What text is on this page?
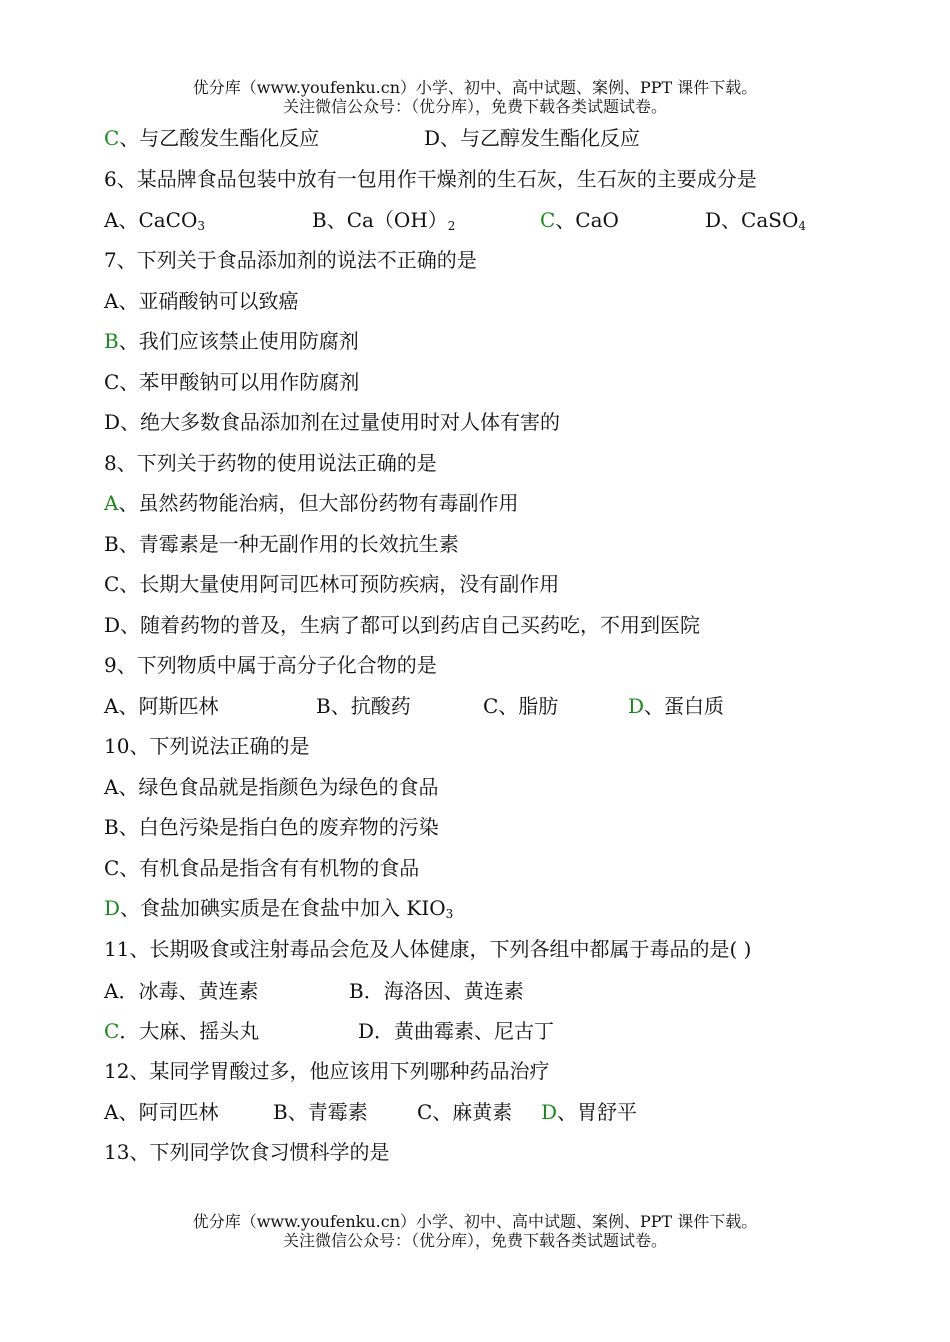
优分库（www.youfenku.cn）小学、初中、高中试题、案例、PPT 课件下载。
关注微信公众号：（优分库），免费下载各类试题试卷。
C、与乙酸发生酯化反应	D、与乙醇发生酯化反应
6、某品牌食品包装中放有一包用作干燥剂的生石灰，生石灰的主要成分是
A、CaCO$_3$	B、$Ca(OH)_2$	C、CaO	D、CaSO$_4$
7、下列关于食品添加剂的说法不正确的是
A、亚硝酸钠可以致癌
B、我们应该禁止使用防腐剂
C、苯甲酸钠可以用作防腐剂
D、绝大多数食品添加剂在过量使用时对人体有害的
8、下列关于药物的使用说法正确的是
A、虽然药物能治病，但大部份药物有毒副作用
B、青霉素是一种无副作用的长效抗生素
C、长期大量使用阿司匹林可预防疾病，没有副作用
D、随着药物的普及，生病了都可以到药店自己买药吃，不用到医院
9、下列物质中属于高分子化合物的是
A、阿斯匹林	B、抗酸药	C、脂肪	D、蛋白质
10、下列说法正确的是
A、绿色食品就是指颜色为绿色的食品
B、白色污染是指白色的废弃物的污染
C、有机食品是指含有有机物的食品
D、食盐加碘实质是在食盐中加入 $KIO_3$
11、长期吸食或注射毒品会危及人体健康，下列各组中都属于毒品的是( )
A．冰毒、黄连素	B．海洛因、黄连素
C．大麻、摇头丸	D．黄曲霉素、尼古丁
12、某同学胃酸过多，他应该用下列哪种药品治疗
A、阿司匹林	B、青霉素 C、麻黄素 D、胃舒平
13、下列同学饮食习惯科学的是
优分库（www.youfenku.cn）小学、初中、高中试题、案例、PPT 课件下载。
关注微信公众号：（优分库），免费下载各类试题试卷。
